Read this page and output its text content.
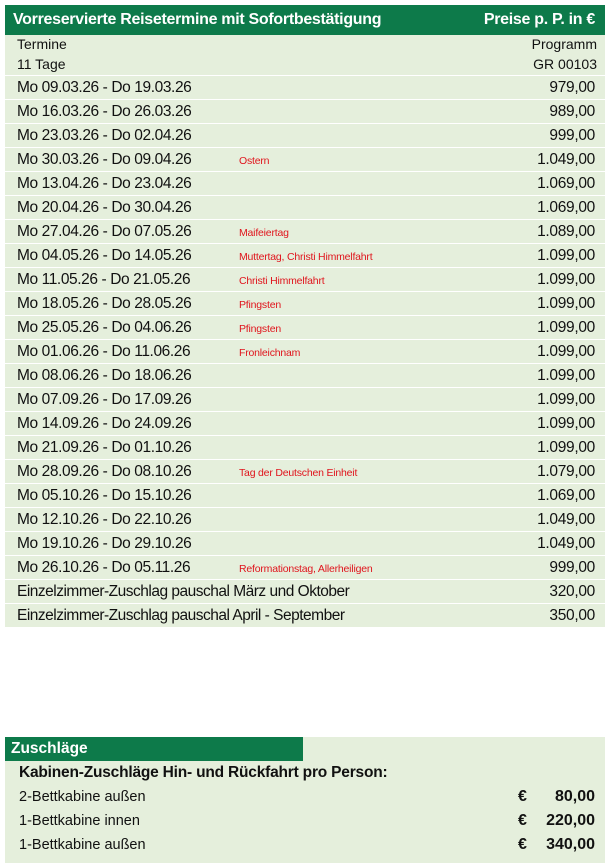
Vorreservierte Reisetermine mit Sofortbestätigung	Preise p. P. in €
Termine	Programm
11 Tage	GR 00103
Mo 09.03.26 - Do 19.03.26	979,00
Mo 16.03.26 - Do 26.03.26	989,00
Mo 23.03.26 - Do 02.04.26	999,00
Mo 30.03.26 - Do 09.04.26	Ostern	1.049,00
Mo 13.04.26 - Do 23.04.26	1.069,00
Mo 20.04.26 - Do 30.04.26	1.069,00
Mo 27.04.26 - Do 07.05.26	Maifeiertag	1.089,00
Mo 04.05.26 - Do 14.05.26	Muttertag, Christi Himmelfahrt	1.099,00
Mo 11.05.26 - Do 21.05.26	Christi Himmelfahrt	1.099,00
Mo 18.05.26 - Do 28.05.26	Pfingsten	1.099,00
Mo 25.05.26 - Do 04.06.26	Pfingsten	1.099,00
Mo 01.06.26 - Do 11.06.26	Fronleichnam	1.099,00
Mo 08.06.26 - Do 18.06.26	1.099,00
Mo 07.09.26 - Do 17.09.26	1.099,00
Mo 14.09.26 - Do 24.09.26	1.099,00
Mo 21.09.26 - Do 01.10.26	1.099,00
Mo 28.09.26 - Do 08.10.26	Tag der Deutschen Einheit	1.079,00
Mo 05.10.26 - Do 15.10.26	1.069,00
Mo 12.10.26 - Do 22.10.26	1.049,00
Mo 19.10.26 - Do 29.10.26	1.049,00
Mo 26.10.26 - Do 05.11.26	Reformationstag, Allerheiligen	999,00
Einzelzimmer-Zuschlag pauschal März und Oktober	320,00
Einzelzimmer-Zuschlag pauschal April - September	350,00
Zuschläge
Kabinen-Zuschläge Hin- und Rückfahrt pro Person:
2-Bettkabine außen	€ 80,00
1-Bettkabine innen	€ 220,00
1-Bettkabine außen	€ 340,00
